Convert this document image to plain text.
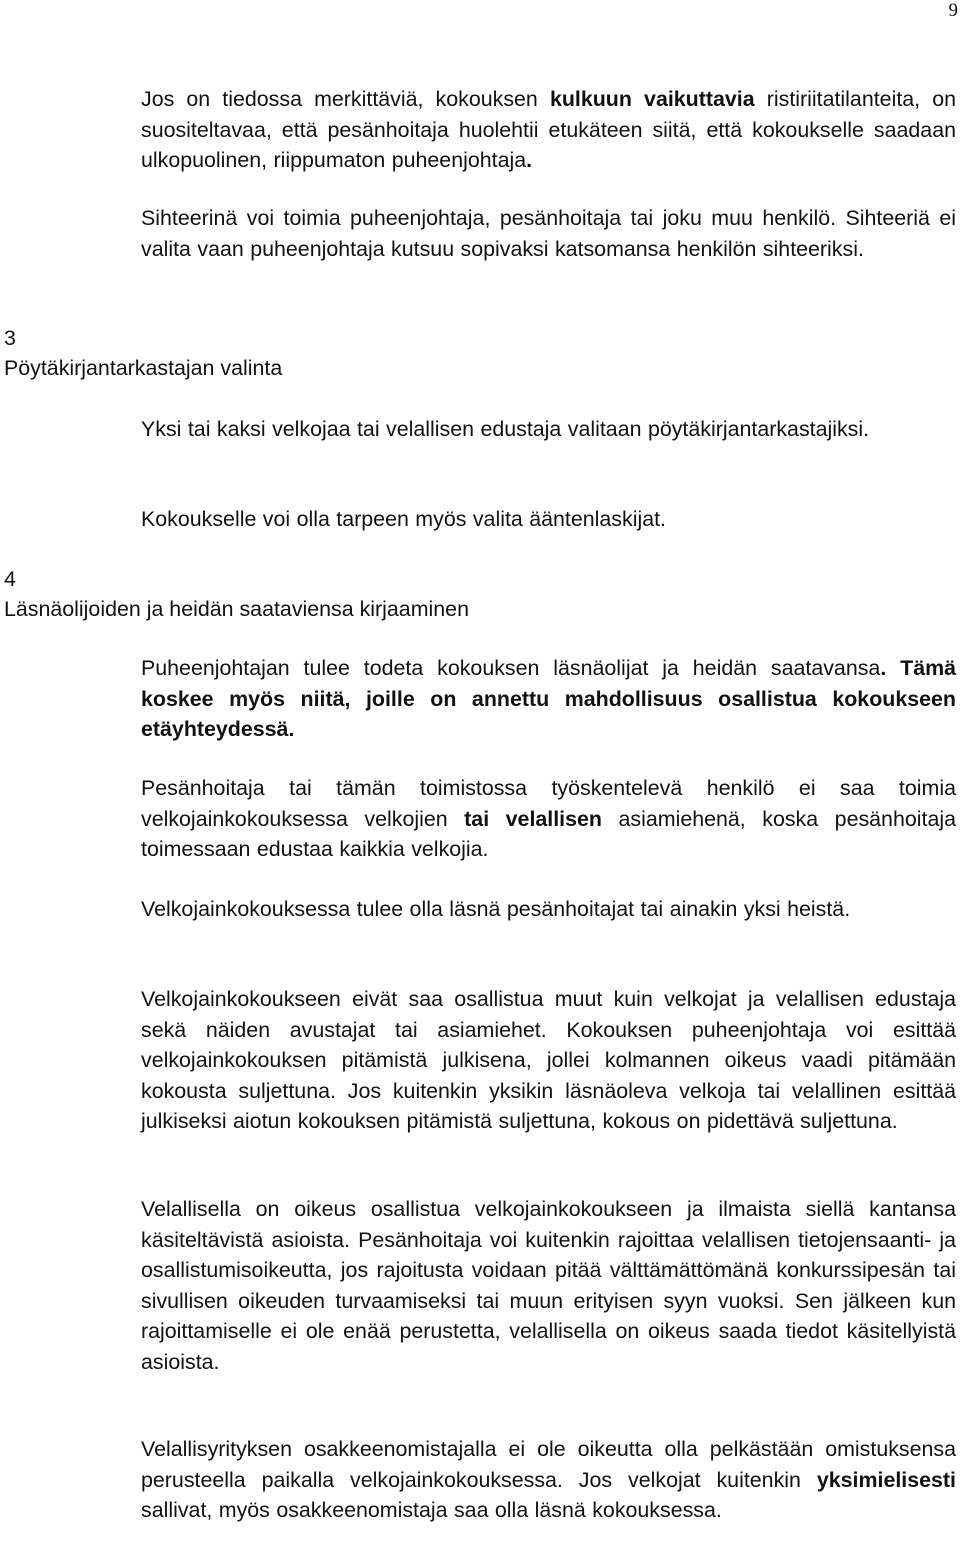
9

Jos on tiedossa merkittäviä, kokouksen kulkuun vaikuttavia ristiriitatilanteita, on suositeltavaa, että pesänhoitaja huolehtii etukäteen siitä, että kokoukselle saadaan ulkopuolinen, riippumaton puheenjohtaja.

Sihteerinä voi toimia puheenjohtaja, pesänhoitaja tai joku muu henkilö. Sihteeriä ei valita vaan puheenjohtaja kutsuu sopivaksi katsomansa henkilön sihteeriksi.

3
Pöytäkirjantarkastajan valinta

Yksi tai kaksi velkojaa tai velallisen edustaja valitaan pöytäkirjantarkastajiksi.

Kokoukselle voi olla tarpeen myös valita ääntenlaskijat.

4
Läsnäolijoiden ja heidän saataviensa kirjaaminen

Puheenjohtajan tulee todeta kokouksen läsnäolijat ja heidän saatavansa. Tämä koskee myös niitä, joille on annettu mahdollisuus osallistua kokoukseen etäyhteydessä.

Pesänhoitaja tai tämän toimistossa työskentelevä henkilö ei saa toimia velkojainkokouksessa velkojien tai velallisen asiamiehenä, koska pesänhoitaja toimessaan edustaa kaikkia velkojia.

Velkojainkokouksessa tulee olla läsnä pesänhoitajat tai ainakin yksi heistä.

Velkojainkokoukseen eivät saa osallistua muut kuin velkojat ja velallisen edustaja sekä näiden avustajat tai asiamiehet. Kokouksen puheenjohtaja voi esittää velkojainkokouksen pitämistä julkisena, jollei kolmannen oikeus vaadi pitämään kokousta suljettuna. Jos kuitenkin yksikin läsnäoleva velkoja tai velallinen esittää julkiseksi aiotun kokouksen pitämistä suljettuna, kokous on pidettävä suljettuna.

Velallisella on oikeus osallistua velkojainkokoukseen ja ilmaista siellä kantansa käsiteltävistä asioista. Pesänhoitaja voi kuitenkin rajoittaa velallisen tietojensaanti- ja osallistumisoikeutta, jos rajoitusta voidaan pitää välttämättömänä konkurssipesän tai sivullisen oikeuden turvaamiseksi tai muun erityisen syyn vuoksi. Sen jälkeen kun rajoittamiselle ei ole enää perustetta, velallisella on oikeus saada tiedot käsitellyistä asioista.

Velallisyrityksen osakkeenomistajalla ei ole oikeutta olla pelkästään omistuksensa perusteella paikalla velkojainkokouksessa. Jos velkojat kuitenkin yksimielisesti sallivat, myös osakkeenomistaja saa olla läsnä kokouksessa.
